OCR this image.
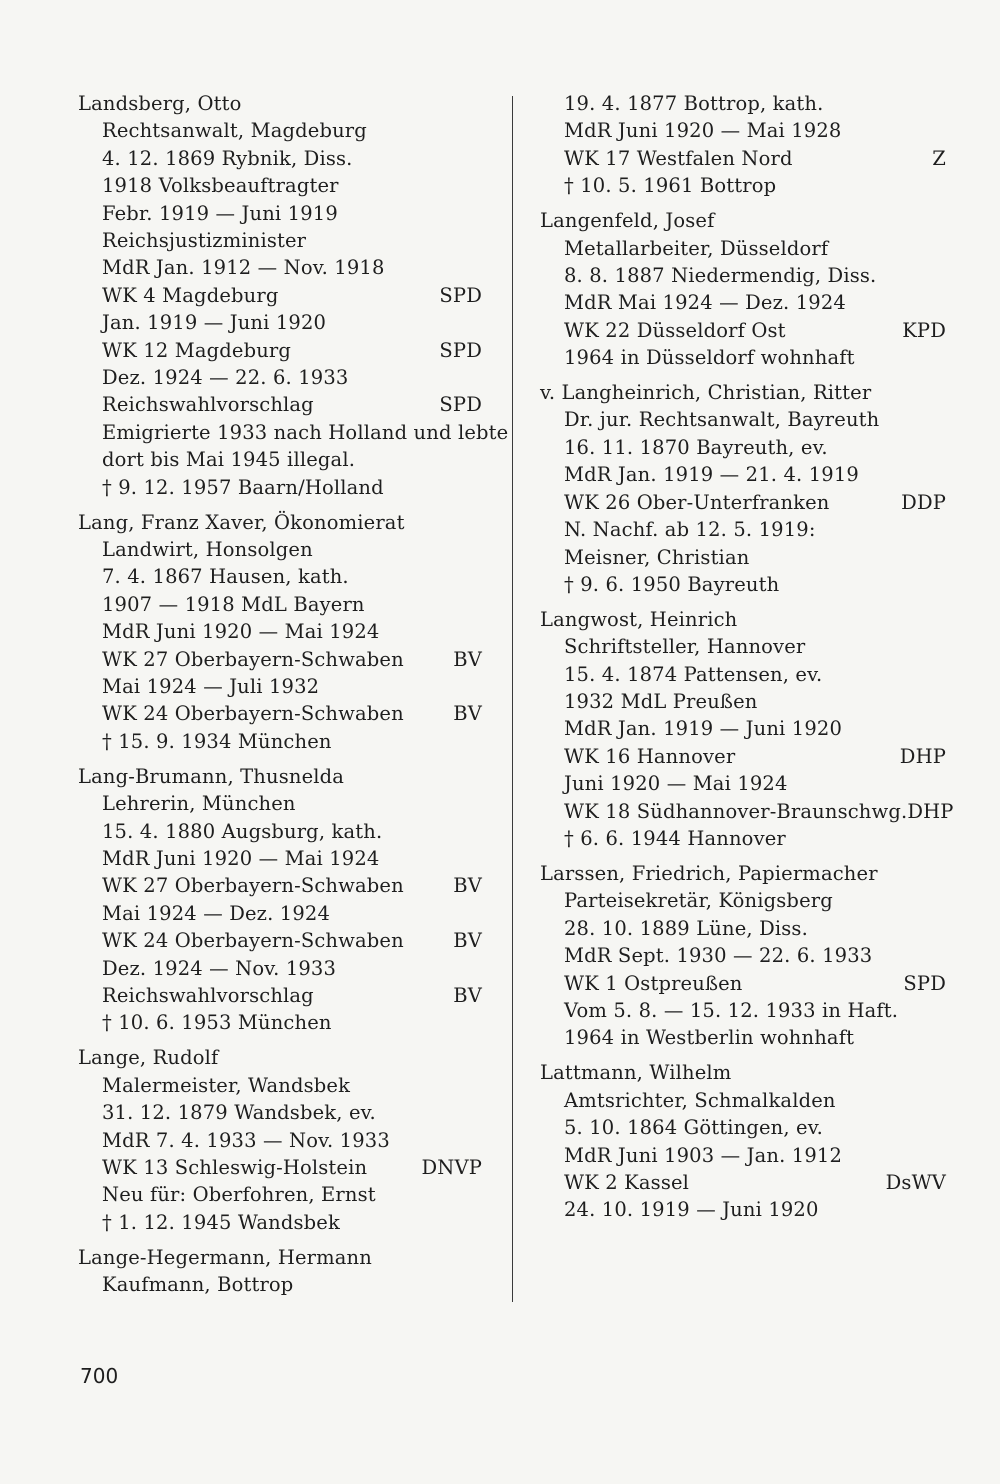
Landsberg, Otto
Rechtsanwalt, Magdeburg
4. 12. 1869 Rybnik, Diss.
1918 Volksbeauftragter
Febr. 1919 — Juni 1919
Reichsjustizminister
MdR Jan. 1912 — Nov. 1918
WK 4 Magdeburg	SPD
Jan. 1919 — Juni 1920
WK 12 Magdeburg	SPD
Dez. 1924 — 22. 6. 1933
Reichswahlvorschlag	SPD
Emigrierte 1933 nach Holland und lebte
dort bis Mai 1945 illegal.
† 9. 12. 1957 Baarn/Holland
Lang, Franz Xaver, Ökonomierat
Landwirt, Honsolgen
7. 4. 1867 Hausen, kath.
1907 — 1918 MdL Bayern
MdR Juni 1920 — Mai 1924
WK 27 Oberbayern-Schwaben	BV
Mai 1924 — Juli 1932
WK 24 Oberbayern-Schwaben	BV
† 15. 9. 1934 München
Lang-Brumann, Thusnelda
Lehrerin, München
15. 4. 1880 Augsburg, kath.
MdR Juni 1920 — Mai 1924
WK 27 Oberbayern-Schwaben	BV
Mai 1924 — Dez. 1924
WK 24 Oberbayern-Schwaben	BV
Dez. 1924 — Nov. 1933
Reichswahlvorschlag	BV
† 10. 6. 1953 München
Lange, Rudolf
Malermeister, Wandsbek
31. 12. 1879 Wandsbek, ev.
MdR 7. 4. 1933 — Nov. 1933
WK 13 Schleswig-Holstein	DNVP
Neu für: Oberfohren, Ernst
† 1. 12. 1945 Wandsbek
Lange-Hegermann, Hermann
Kaufmann, Bottrop
19. 4. 1877 Bottrop, kath.
MdR Juni 1920 — Mai 1928
WK 17 Westfalen Nord	Z
† 10. 5. 1961 Bottrop
Langenfeld, Josef
Metallarbeiter, Düsseldorf
8. 8. 1887 Niedermendig, Diss.
MdR Mai 1924 — Dez. 1924
WK 22 Düsseldorf Ost	KPD
1964 in Düsseldorf wohnhaft
v. Langheinrich, Christian, Ritter
Dr. jur. Rechtsanwalt, Bayreuth
16. 11. 1870 Bayreuth, ev.
MdR Jan. 1919 — 21. 4. 1919
WK 26 Ober-Unterfranken	DDP
N. Nachf. ab 12. 5. 1919:
Meisner, Christian
† 9. 6. 1950 Bayreuth
Langwost, Heinrich
Schriftsteller, Hannover
15. 4. 1874 Pattensen, ev.
1932 MdL Preußen
MdR Jan. 1919 — Juni 1920
WK 16 Hannover	DHP
Juni 1920 — Mai 1924
WK 18 Südhannover-Braunschwg. DHP
† 6. 6. 1944 Hannover
Larssen, Friedrich, Papiermacher
Parteisekretär, Königsberg
28. 10. 1889 Lüne, Diss.
MdR Sept. 1930 — 22. 6. 1933
WK 1 Ostpreußen	SPD
Vom 5. 8. — 15. 12. 1933 in Haft.
1964 in Westberlin wohnhaft
Lattmann, Wilhelm
Amtsrichter, Schmalkalden
5. 10. 1864 Göttingen, ev.
MdR Juni 1903 — Jan. 1912
WK 2 Kassel	DsWV
24. 10. 1919 — Juni 1920
700
